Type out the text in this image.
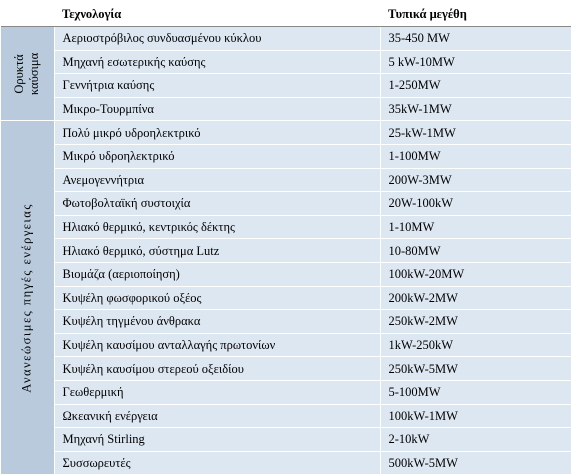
	Τεχνολογία	Τυπικά μεγέθη

Ορυκτά καύσιμα	Αεριοστρόβιλος συνδυασμένου κύκλου	35-450 MW
	Μηχανή εσωτερικής καύσης	5 kW-10MW
	Γεννήτρια καύσης	1-250MW
	Μικρο-Τουρμπίνα	35kW-1MW

Ανανεώσιμες πηγές ενέργειας	Πολύ μικρό υδροηλεκτρικό	25-kW-1MW
	Μικρό υδροηλεκτρικό	1-100MW
	Ανεμογεννήτρια	200W-3MW
	Φωτοβολταϊκή συστοιχία	20W-100kW
	Ηλιακό θερμικό, κεντρικός δέκτης	1-10MW
	Ηλιακό θερμικό, σύστημα Lutz	10-80MW
	Βιομάζα (αεριοποίηση)	100kW-20MW
	Κυψέλη φωσφορικού οξέος	200kW-2MW
	Κυψέλη τηγμένου άνθρακα	250kW-2MW
	Κυψέλη καυσίμου ανταλλαγής πρωτονίων	1kW-250kW
	Κυψέλη καυσίμου στερεού οξειδίου	250kW-5MW
	Γεωθερμική	5-100MW
	Ωκεανική ενέργεια	100kW-1MW
	Μηχανή Stirling	2-10kW
	Συσσωρευτές	500kW-5MW
